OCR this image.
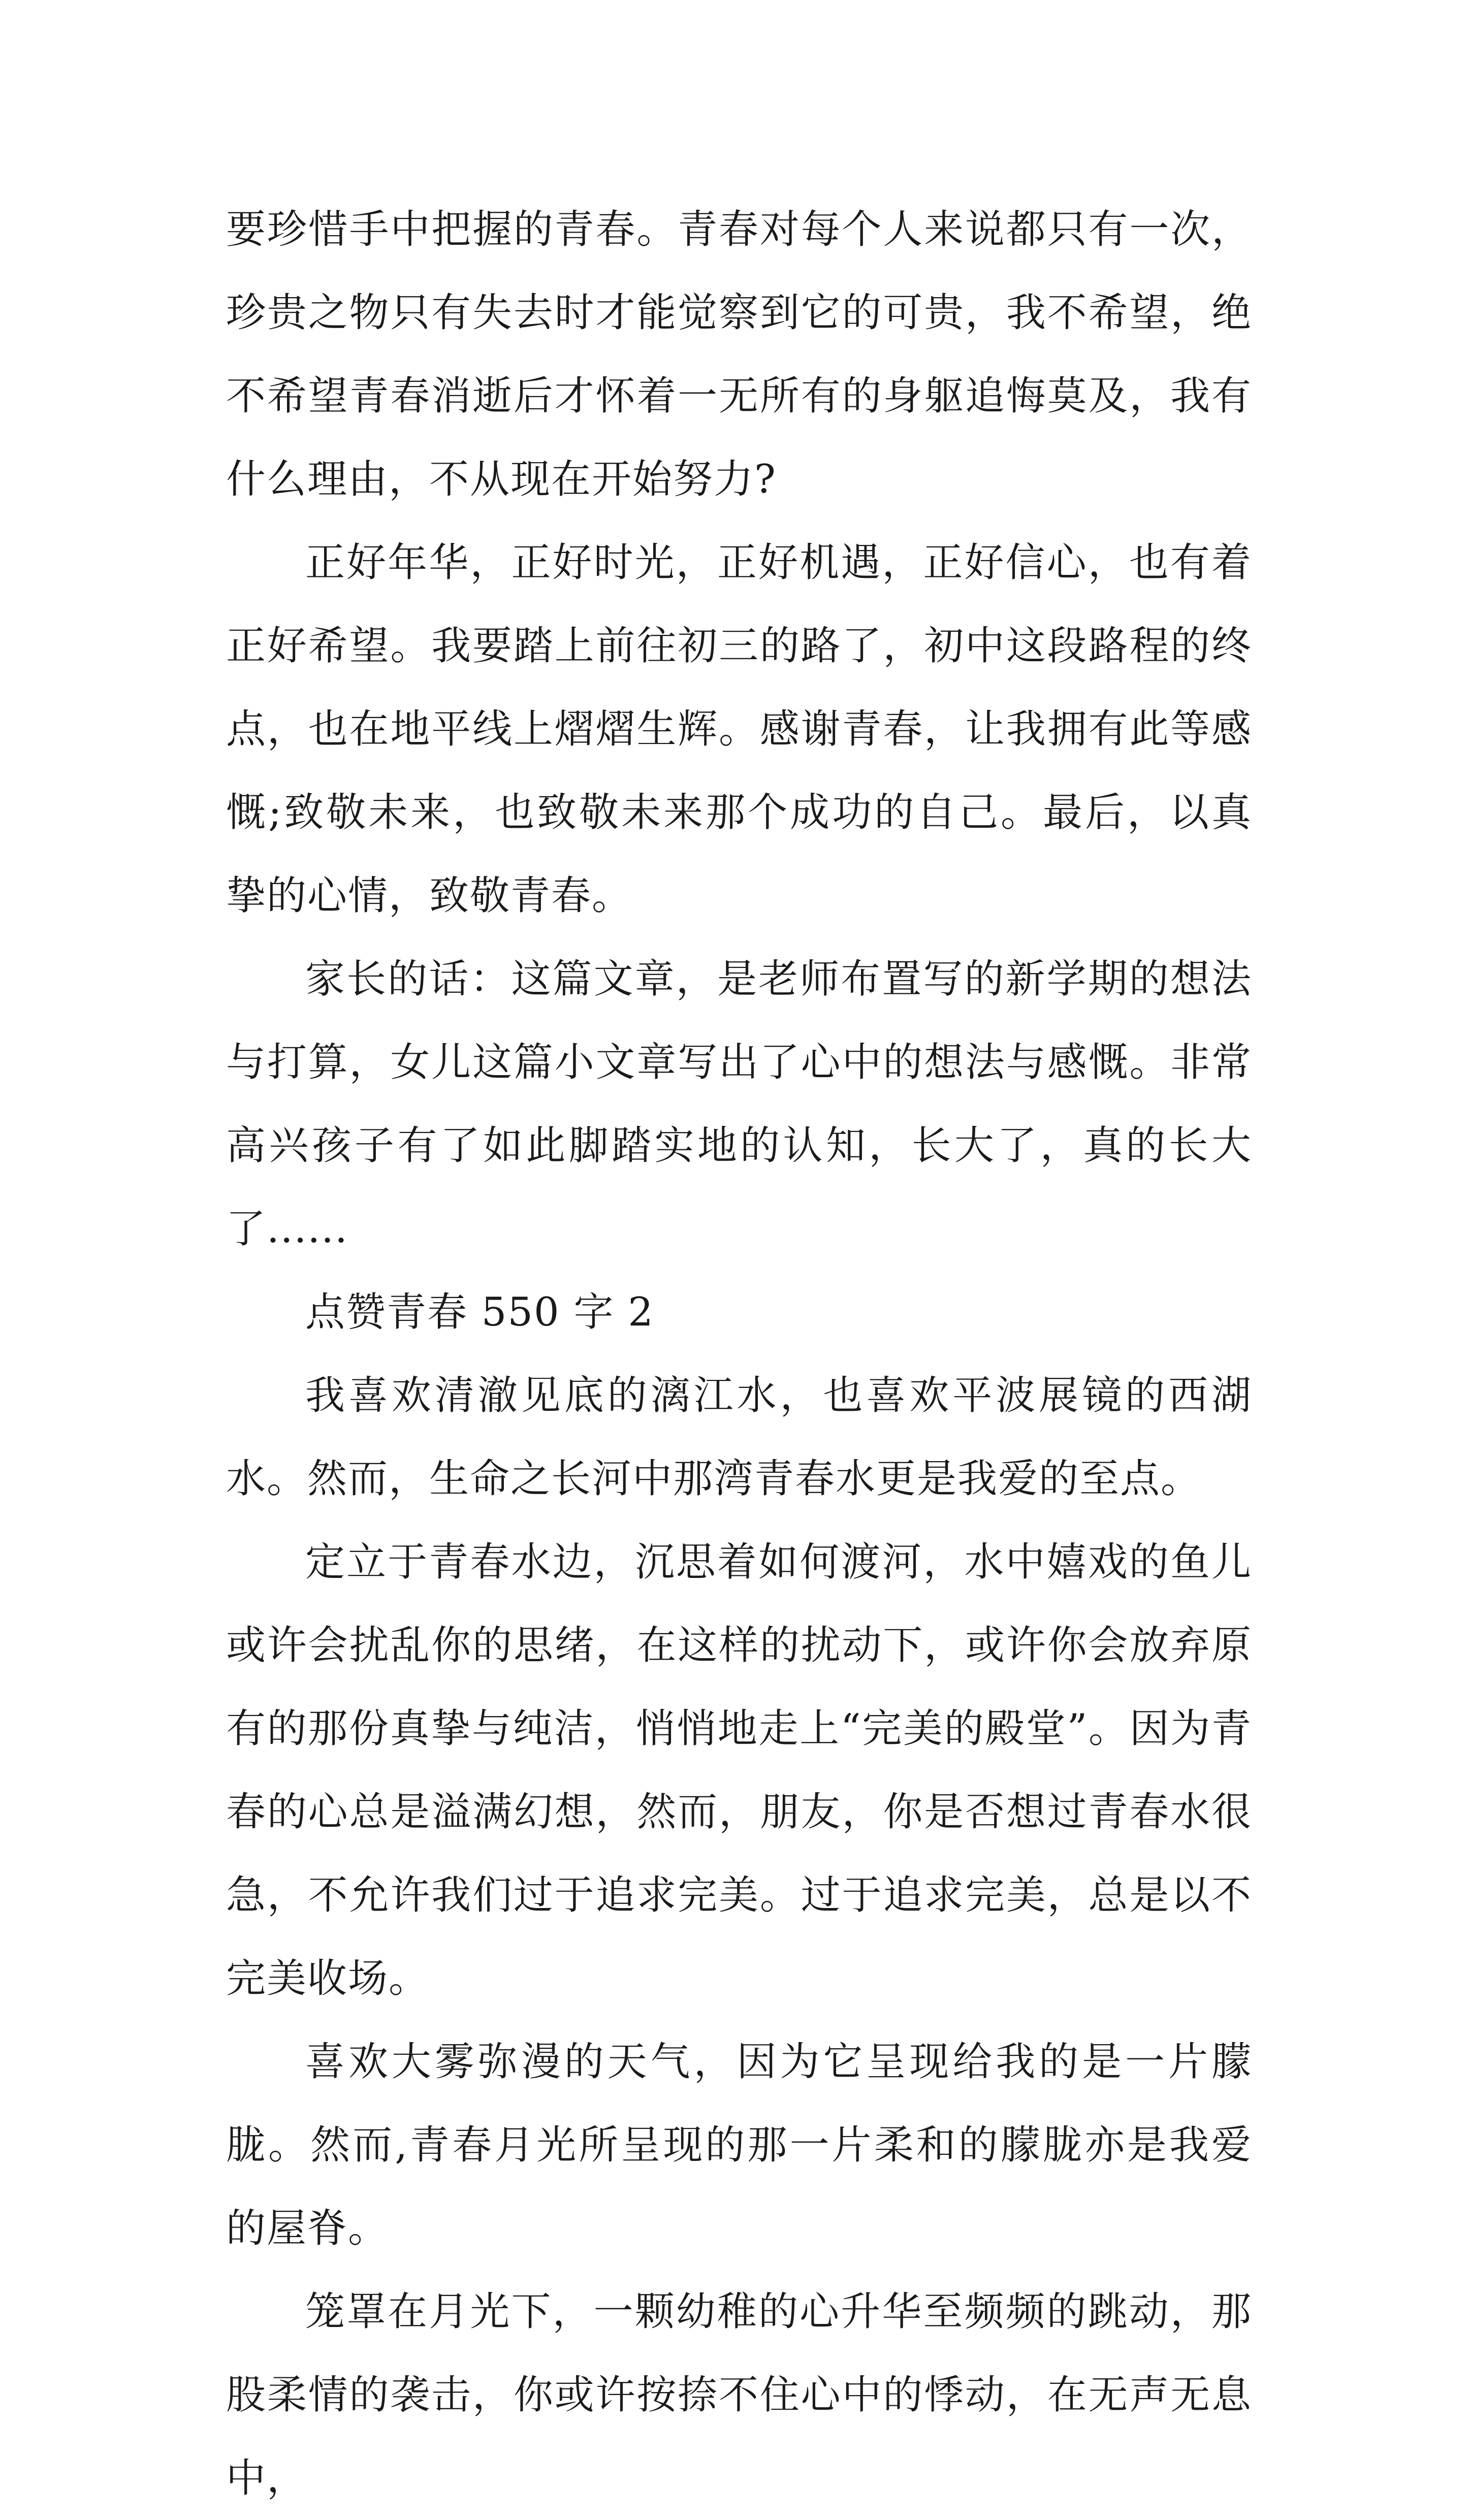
要珍惜手中把握的青春。青春对每个人来说都只有一次，珍贵之物只有失去时才能觉察到它的可贵，我不希望，绝不希望青春消逝后才怀着一无所有的身躯追悔莫及，我有什么理由，不从现在开始努力?

正好年华，正好时光，正好机遇，正好信心，也有着正好希望。我要踏上前往初三的路了，初中这段路程的终点，也在地平线上熠熠生辉。感谢青春，让我拥有此等感慨;致敬未来，也致敬未来那个成功的自己。最后，以真挚的心情，致敬青春。

家长的话：这篇文章，是老师布置写的新学期的想法与打算，女儿这篇小文章写出了心中的想法与感慨。非常高兴孩子有了如此脚踏实地的认知，长大了，真的长大了......

点赞青春 550 字 2

我喜欢清澈见底的漓江水，也喜欢平波展镜的西湖水。然而，生命之长河中那湾青春水更是我爱的至点。

定立于青春水边，沉思着如何渡河，水中嬉戏的鱼儿或许会扰乱你的思绪，在这样的扰动下，或许你会放弃原有的那份真挚与纯洁，悄悄地走上“完美的殿堂”。因为青春的心总是溢满幻想，然而，朋友，你是否想过青春水很急，不允许我们过于追求完美。过于追求完美，总是以不完美收场。

喜欢大雾弥漫的天气，因为它呈现给我的是一片朦胧。然而,青春月光所呈现的那一片柔和的朦胧亦是我爱的屋脊。

笼罩在月光下，一颗幼稚的心升华至频频的跳动，那股柔情的袭击，你或许按捺不住心中的悸动，在无声无息中，
